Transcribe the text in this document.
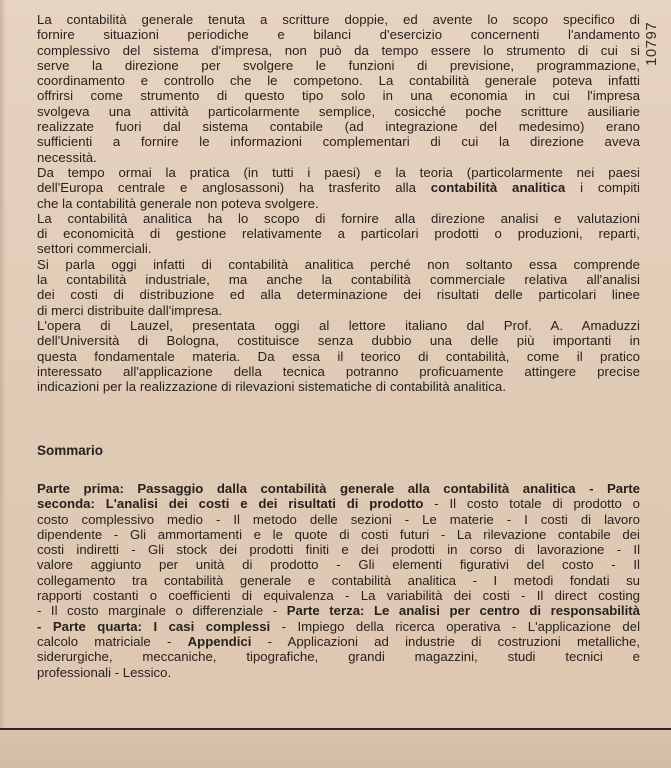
10797
La contabilità generale tenuta a scritture doppie, ed avente lo scopo specifico di
fornire situazioni periodiche e bilanci d'esercizio concernenti l'andamento
complessivo del sistema d'impresa, non può da tempo essere lo strumento di cui si
serve la direzione per svolgere le funzioni di previsione, programmazione,
coordinamento e controllo che le competono. La contabilità generale poteva infatti
offrirsi come strumento di questo tipo solo in una economia in cui l'impresa
svolgeva una attività particolarmente semplice, cosicché poche scritture ausiliarie
realizzate fuori dal sistema contabile (ad integrazione del medesimo) erano
sufficienti a fornire le informazioni complementari di cui la direzione aveva
necessità.
Da tempo ormai la pratica (in tutti i paesi) e la teoria (particolarmente nei paesi
dell'Europa centrale e anglosassoni) ha trasferito alla contabilità analitica i compiti
che la contabilità generale non poteva svolgere.
La contabilità analitica ha lo scopo di fornire alla direzione analisi e valutazioni
di economicità di gestione relativamente a particolari prodotti o produzioni, reparti,
settori commerciali.
Si parla oggi infatti di contabilità analitica perché non soltanto essa comprende
la contabilità industriale, ma anche la contabilità commerciale relativa all'analisi
dei costi di distribuzione ed alla determinazione dei risultati delle particolari linee
di merci distribuite dall'impresa.
L'opera di Lauzel, presentata oggi al lettore italiano dal Prof. A. Amaduzzi
dell'Università di Bologna, costituisce senza dubbio una delle più importanti in
questa fondamentale materia. Da essa il teorico di contabilità, come il pratico
interessato all'applicazione della tecnica potranno proficuamente attingere precise
indicazioni per la realizzazione di rilevazioni sistematiche di contabilità analitica.
Sommario
Parte prima: Passaggio dalla contabilità generale alla contabilità analitica - Parte
seconda: L'analisi dei costi e dei risultati di prodotto - Il costo totale di prodotto o
costo complessivo medio - Il metodo delle sezioni - Le materie - I costi di lavoro
dipendente - Gli ammortamenti e le quote di costi futuri - La rilevazione contabile dei
costi indiretti - Gli stock dei prodotti finiti e dei prodotti in corso di lavorazione - Il
valore aggiunto per unità di prodotto - Gli elementi figurativi del costo - Il
collegamento tra contabilità generale e contabilità analitica - I metodi fondati su
rapporti costanti o coefficienti di equivalenza - La variabilità dei costi - Il direct costing
- Il costo marginale o differenziale - Parte terza: Le analisi per centro di responsabilità
- Parte quarta: I casi complessi - Impiego della ricerca operativa - L'applicazione del
calcolo matriciale - Appendici - Applicazioni ad industrie di costruzioni metalliche,
siderurgiche, meccaniche, tipografiche, grandi magazzini, studi tecnici e
professionali - Lessico.
